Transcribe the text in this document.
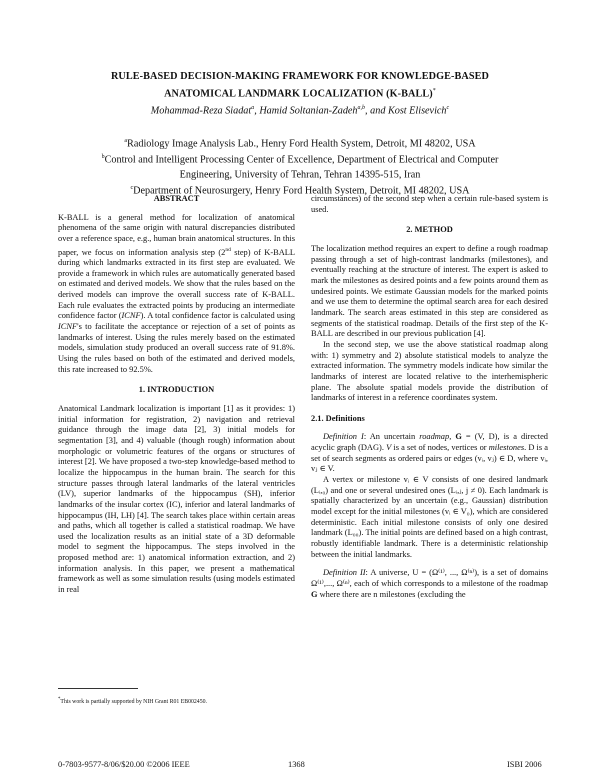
RULE-BASED DECISION-MAKING FRAMEWORK FOR KNOWLEDGE-BASED
ANATOMICAL LANDMARK LOCALIZATION (K-BALL)*
Mohammad-Reza Siadat$^a$, Hamid Soltanian-Zadeh$^{a,b}$, and Kost Elisevich$^c$
$^a$Radiology Image Analysis Lab., Henry Ford Health System, Detroit, MI 48202, USA
$^b$Control and Intelligent Processing Center of Excellence, Department of Electrical and Computer
Engineering, University of Tehran, Tehran 14395-515, Iran
$^c$Department of Neurosurgery, Henry Ford Health System, Detroit, MI 48202, USA

ABSTRACT

K-BALL is a general method for localization of anatomical phenomena of the same origin with natural discrepancies distributed over a reference space, e.g., human brain anatomical structures. In this paper, we focus on information analysis step (2nd step) of K-BALL during which landmarks extracted in its first step are evaluated. We provide a framework in which rules are automatically generated based on estimated and derived models. We show that the rules based on the derived models can improve the overall success rate of K-BALL. Each rule evaluates the extracted points by producing an intermediate confidence factor (ICNF). A total confidence factor is calculated using ICNF's to facilitate the acceptance or rejection of a set of points as landmarks of interest. Using the rules merely based on the estimated models, simulation study produced an overall success rate of 91.8%. Using the rules based on both of the estimated and derived models, this rate increased to 92.5%.

1. INTRODUCTION

Anatomical Landmark localization is important [1] as it provides: 1) initial information for registration, 2) navigation and retrieval guidance through the image data [2], 3) initial models for segmentation [3], and 4) valuable (though rough) information about morphologic or volumetric features of the organs or structures of interest [2]. We have proposed a two-step knowledge-based method to localize the hippocampus in the human brain. The search for this structure passes through lateral landmarks of the lateral ventricles (LV), superior landmarks of the hippocampus (SH), inferior landmarks of the insular cortex (IC), inferior and lateral landmarks of hippocampus (IH, LH) [4]. The search takes place within certain areas and paths, which all together is called a statistical roadmap. We have used the localization results as an initial state of a 3D deformable model to segment the hippocampus. The steps involved in the proposed method are: 1) anatomical information extraction, and 2) information analysis. In this paper, we present a mathematical framework as well as some simulation results (using models estimated in real

circumstances) of the second step when a certain rule-based system is used.

2. METHOD

The localization method requires an expert to define a rough roadmap passing through a set of high-contrast landmarks (milestones), and eventually reaching at the structure of interest. The expert is asked to mark the milestones as desired points and a few points around them as undesired points. We estimate Gaussian models for the marked points and we use them to determine the optimal search area for each desired landmark. The search areas estimated in this step are considered as segments of the statistical roadmap. Details of the first step of the K-BALL are described in our previous publication [4].

In the second step, we use the above statistical roadmap along with: 1) symmetry and 2) absolute statistical models to analyze the extracted information. The symmetry models indicate how similar the landmarks of interest are located relative to the interhemispheric plane. The absolute spatial models provide the distribution of landmarks of interest in a reference coordinates system.

2.1. Definitions

Definition I: An uncertain roadmap, G = (V, D), is a directed acyclic graph (DAG). V is a set of nodes, vertices or milestones. D is a set of search segments as ordered pairs or edges (vᵢ, vⱼ) ∈ D, where vᵢ, vⱼ ∈ V.

A vertex or milestone vᵢ ∈ V consists of one desired landmark (Lᵢ,₀) and one or several undesired ones (Lᵢ,ⱼ, j ≠ 0). Each landmark is spatially characterized by an uncertain (e.g., Gaussian) distribution model except for the initial milestones (vᵢ ∈ V₀), which are considered deterministic. Each initial milestone consists of only one desired landmark (L₀₀). The initial points are defined based on a high contrast, robustly identifiable landmark. There is a deterministic relationship between the initial landmarks.

Definition II: A universe, U = (Ω⁽¹⁾, ..., Ω⁽ⁿ⁾), is a set of domains Ω⁽¹⁾,..., Ω⁽ⁿ⁾, each of which corresponds to a milestone of the roadmap G where there are n milestones (excluding the

*This work is partially supported by NIH Grant R01 EB002450.
0-7803-9577-8/06/$20.00 ©2006 IEEE	1368	ISBI 2006
